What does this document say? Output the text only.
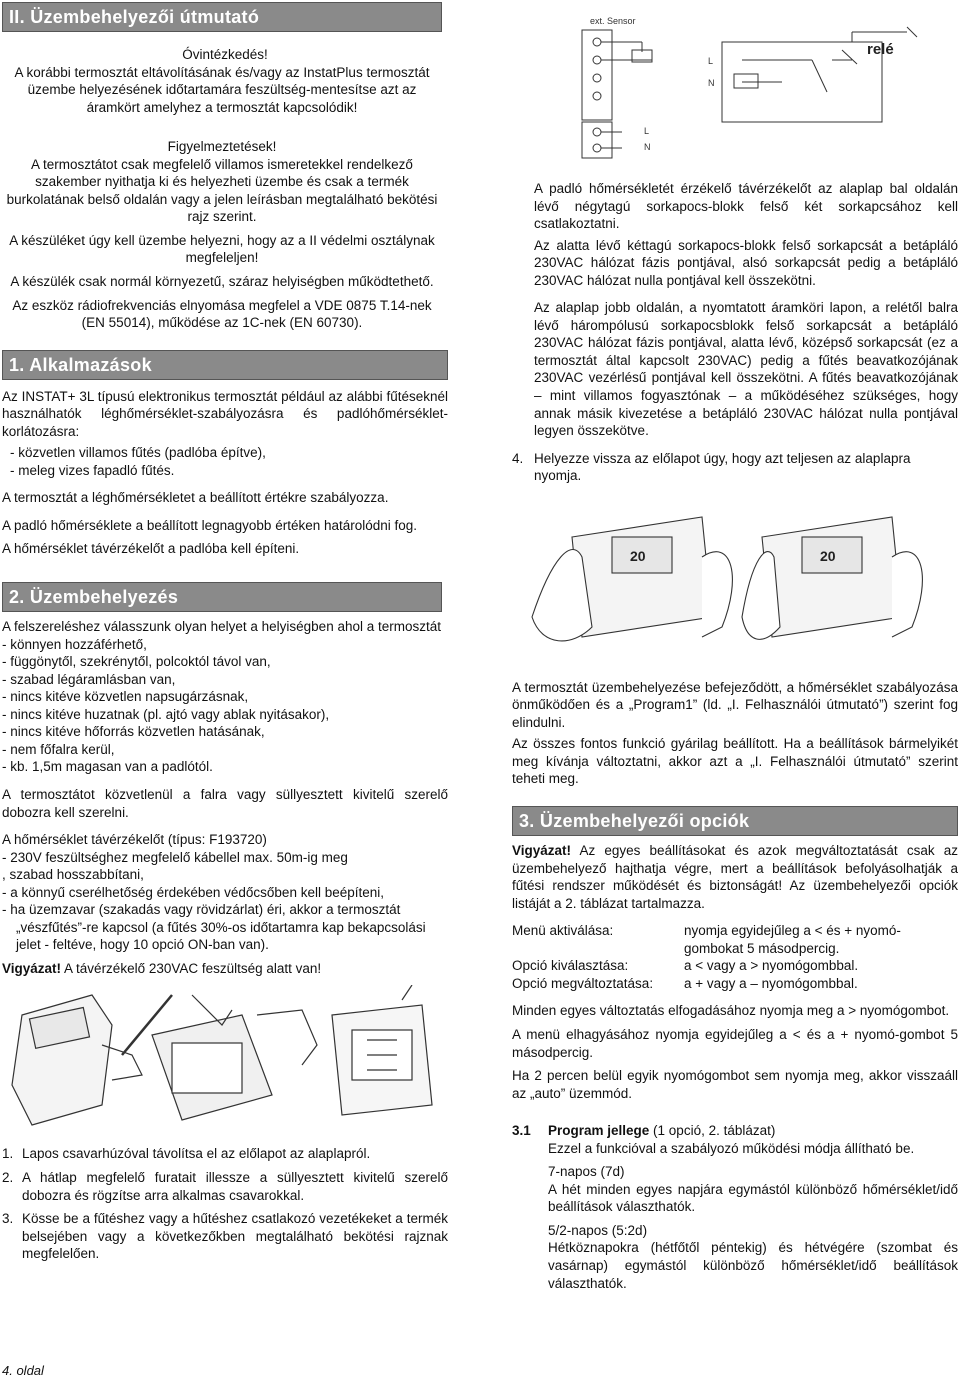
II. Üzembehelyezői útmutató
Óvintézkedés!
A korábbi termosztát eltávolításának és/vagy az InstatPlus termosztát üzembe helyezésének időtartamára feszültség-mentesítse azt az áramkört amelyhez a termosztát kapcsolódik!
Figyelmeztetések!

A termosztátot csak megfelelő villamos ismeretekkel rendelkező szakember nyithatja ki és helyezheti üzembe és csak a termék burkolatának belső oldalán vagy a jelen leírásban megtalálható bekötési rajz szerint.

A készüléket úgy kell üzembe helyezni, hogy az a II védelmi osztálynak megfeleljen!

A készülék csak normál környezetű, száraz helyiségben működtethető.

Az eszköz rádiofrekvenciás elnyomása megfelel a VDE 0875 T.14-nek (EN 55014), működése az 1C-nek (EN 60730).

1. Alkalmazások

Az INSTAT+ 3L típusú elektronikus termosztát például az alábbi fűtéseknél használhatók léghőmérséklet-szabályozásra és padlóhőmérséklet-korlátozásra:

- közvetlen villamos fűtés (padlóba építve),
- meleg vizes fapadló fűtés.

A termosztát a léghőmérsékletet a beállított értékre szabályozza.

A padló hőmérséklete a beállított legnagyobb értéken határolódni fog.

A hőmérséklet távérzékelőt a padlóba kell építeni.

2. Üzembehelyezés
A felszereléshez válasszunk olyan helyet a helyiségben ahol a termosztát
- könnyen hozzáférhető,
- függönytől, szekrénytől, polcoktól távol van,
- szabad légáramlásban van,
- nincs kitéve közvetlen napsugárzásnak,
- nincs kitéve huzatnak (pl. ajtó vagy ablak nyitásakor),
- nincs kitéve hőforrás közvetlen hatásának,
- nem főfalra kerül,
- kb. 1,5m magasan van a padlótól.

A termosztátot közvetlenül a falra vagy süllyesztett kivitelű szerelő dobozra kell szerelni.

A hőmérséklet távérzékelőt (típus: F193720)
- 230V feszültséghez megfelelő kábellel max. 50m-ig meg
, szabad hosszabbítani,
- a könnyű cserélhetőség érdekében védőcsőben kell beépíteni,
- ha üzemzavar (szakadás vagy rövidzárlat) éri, akkor a termosztát „vészfűtés”-re kapcsol (a fűtés 30%-os időtartamra kap bekapcsolási jelet - feltéve, hogy 10 opció ON-ban van).
Vigyázat! A távérzékelő 230VAC feszültség alatt van!
1. Lapos csavarhúzóval távolítsa el az előlapot az alaplapról.
2. A hátlap megfelelő furatait illessze a süllyesztett kivitelű szerelő dobozra és rögzítse arra alkalmas csavarokkal.
3. Kösse be a fűtéshez vagy a hűtéshez csatlakozó vezetékeket a termék belsejében vagy a következőkben megtalálható bekötési rajznak megfelelően.
4. oldal
ext. Sensor
relé
L
N
L
N

A padló hőmérsékletét érzékelő távérzékelőt az alaplap bal oldalán lévő négytagú sorkapocs-blokk felső két sorkapcsához kell csatlakoztatni.

Az alatta lévő kéttagú sorkapocs-blokk felső sorkapcsát a betápláló 230VAC hálózat fázis pontjával, alsó sorkapcsát pedig a betápláló 230VAC hálózat nulla pontjával kell összekötni.

Az alaplap jobb oldalán, a nyomtatott áramköri lapon, a relétől balra lévő hárompólusú sorkapocsblokk felső sorkapcsát a betápláló 230VAC hálózat fázis pontjával, alatta lévő, középső sorkapcsát (ez a termosztát által kapcsolt 230VAC) pedig a fűtés beavatkozójának 230VAC vezérlésű pontjával kell összekötni. A fűtés beavatkozójának – mint villamos fogyasztónak – a működéséhez szükséges, hogy annak másik kivezetése a betápláló 230VAC hálózat nulla pontjával legyen összekötve.

4. Helyezze vissza az előlapot úgy, hogy azt teljesen az alaplapra nyomja.
20	20

A termosztát üzembehelyezése befejeződött, a hőmérséklet szabályozása önműködően és a „Program1” (ld. „I. Felhasználói útmutató”) szerint fog elindulni.

Az összes fontos funkció gyárilag beállított. Ha a beállítások bármelyikét meg kívánja változtatni, akkor azt a „I. Felhasználói útmutató” szerint teheti meg.

3. Üzembehelyezői opciók

Vigyázat! Az egyes beállításokat és azok megváltoztatását csak az üzembehelyező hajthatja végre, mert a beállítások befolyásolhatják a fűtési rendszer működését és biztonságát! Az üzembehelyezői opciók listáját a 2. táblázat tartalmazza.

Menü aktiválása:	nyomja egyidejűleg a < és + nyomó-gombokat 5 másodpercig.
Opció kiválasztása:	a < vagy a > nyomógombbal.
Opció megváltoztatása:	a + vagy a – nyomógombbal.

Minden egyes változtatás elfogadásához nyomja meg a > nyomógombot.

A menü elhagyásához nyomja egyidejűleg a < és a + nyomó-gombot 5 másodpercig.

Ha 2 percen belül egyik nyomógombot sem nyomja meg, akkor visszaáll az „auto” üzemmód.

3.1 Program jellege (1 opció, 2. táblázat)

Ezzel a funkcióval a szabályozó működési módja állítható be.

7-napos (7d)

A hét minden egyes napjára egymástól különböző hőmérséklet/idő beállítások választhatók.

5/2-napos (5:2d)

Hétköznapokra (hétfőtől péntekig) és hétvégére (szombat és vasárnap) egymástól különböző hőmérséklet/idő beállítások választhatók.
